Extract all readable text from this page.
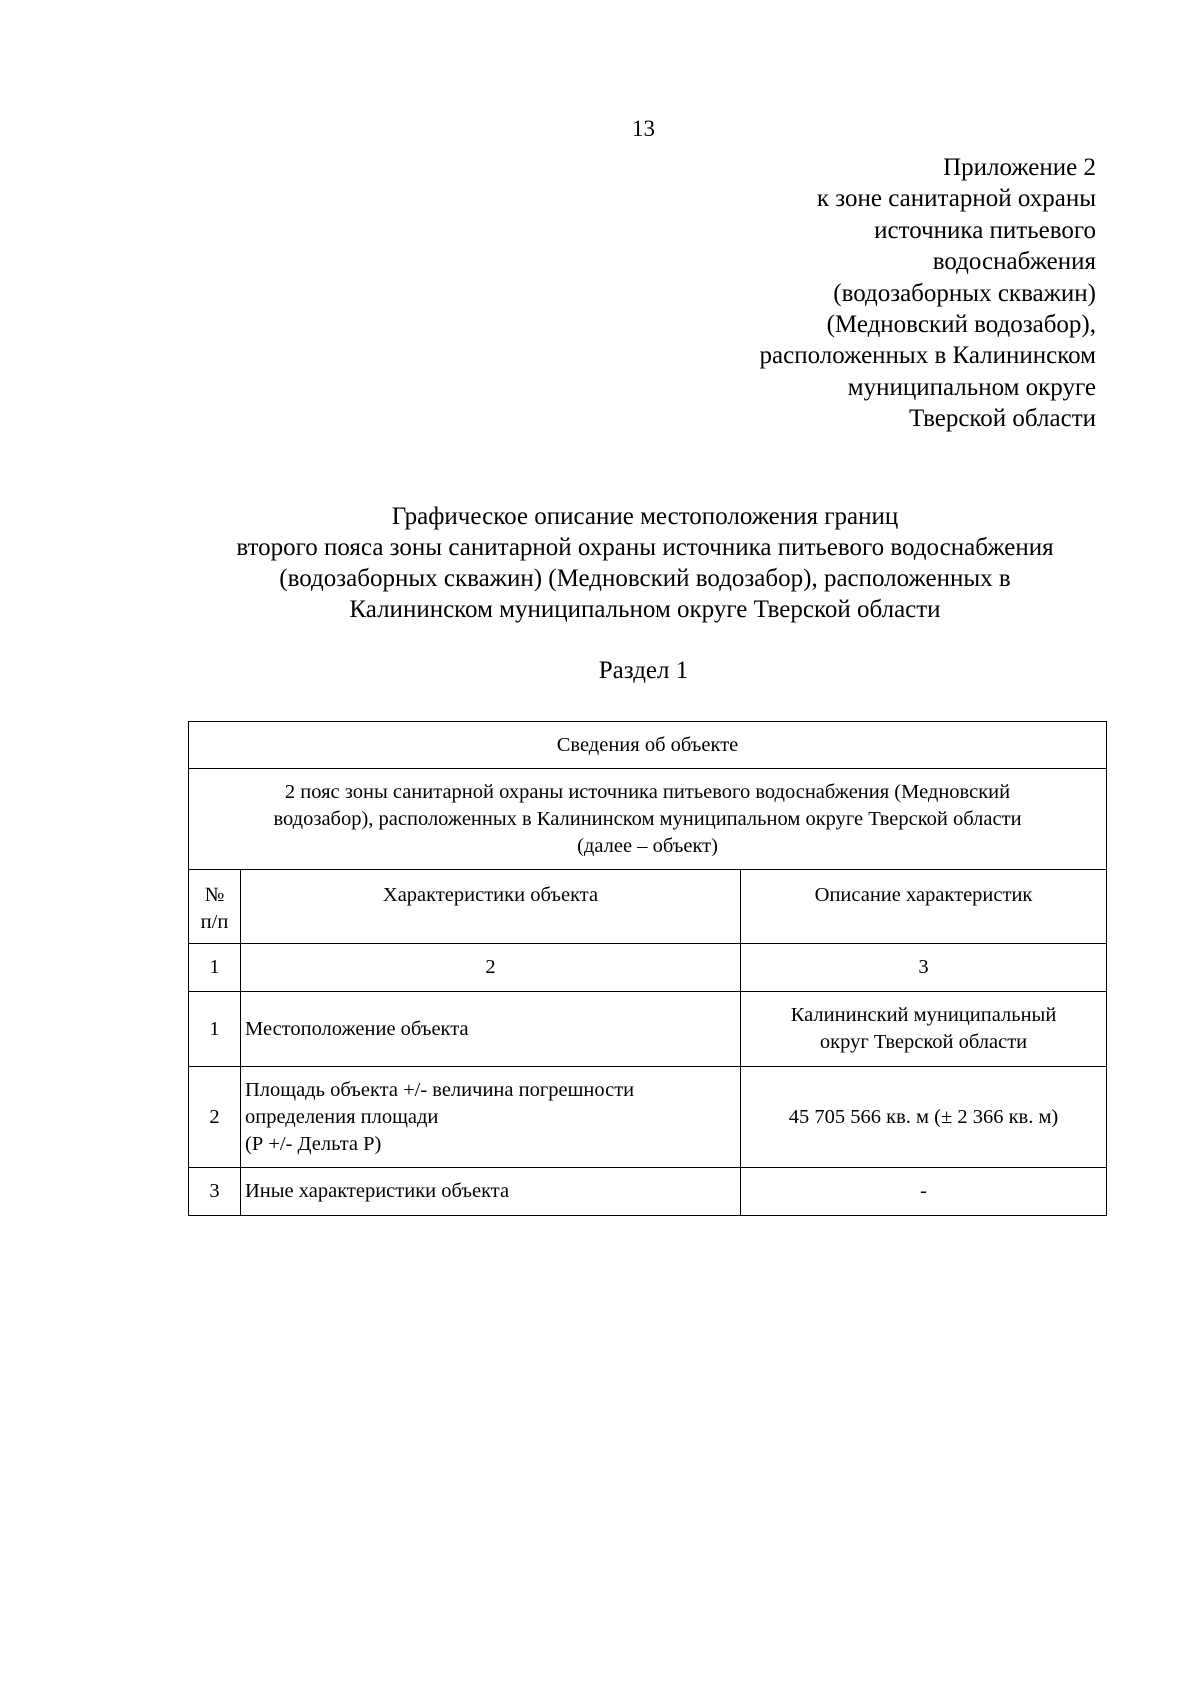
13
Приложение 2
к зоне санитарной охраны
источника питьевого
водоснабжения
(водозаборных скважин)
(Медновский водозабор),
расположенных в Калининском
муниципальном округе
Тверской области
Графическое описание местоположения границ
второго пояса зоны санитарной охраны источника питьевого водоснабжения
(водозаборных скважин) (Медновский водозабор), расположенных в
Калининском муниципальном округе Тверской области
Раздел 1
Сведения об объекте		

2 пояс зоны санитарной охраны источника питьевого водоснабжения (Медновский
водозабор), расположенных в Калининском муниципальном округе Тверской области
(далее – объект)		

№
п/п	Характеристики объекта	Описание характеристик
1	2	3
1	Местоположение объекта	Калининский муниципальный
округ Тверской области

2	Площадь объекта +/- величина погрешности
определения площади
(Р +/- Дельта Р)	45 705 566 кв. м (± 2 366 кв. м)

3	Иные характеристики объекта	-
